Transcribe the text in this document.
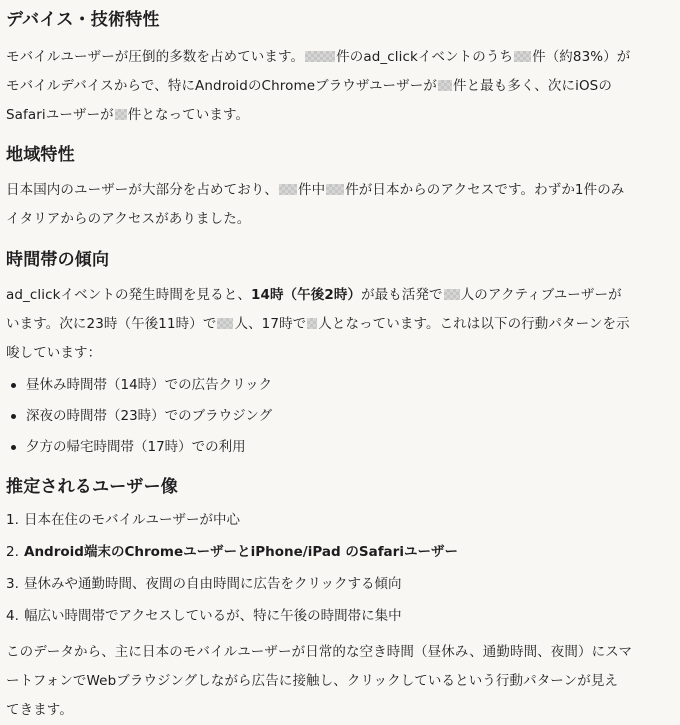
デバイス・技術特性

モバイルユーザーが圧倒的多数を占めています。 件のad_clickイベントのうち 件（約83%）が
モバイルデバイスからで、特にAndroidのChromeブラウザユーザーが 件と最も多く、次にiOSの
Safariユーザーが 件となっています。

地域特性

日本国内のユーザーが大部分を占めており、 件中 件が日本からのアクセスです。わずか1件のみ
イタリアからのアクセスがありました。

時間帯の傾向

ad_clickイベントの発生時間を見ると、14時（午後2時）が最も活発で 人のアクティブユーザーが
います。次に23時（午後11時）で 人、17時で 人となっています。これは以下の行動パターンを示
唆しています：

昼休み時間帯（14時）での広告クリック
深夜の時間帯（23時）でのブラウジング
夕方の帰宅時間帯（17時）での利用
推定されるユーザー像
1. 日本在住のモバイルユーザーが中心
2. Android端末のChromeユーザーとiPhone/iPad のSafariユーザー
3. 昼休みや通勤時間、夜間の自由時間に広告をクリックする傾向
4. 幅広い時間帯でアクセスしているが、特に午後の時間帯に集中

このデータから、主に日本のモバイルユーザーが日常的な空き時間（昼休み、通勤時間、夜間）にスマ
ートフォンでWebブラウジングしながら広告に接触し、クリックしているという行動パターンが見え
てきます。
